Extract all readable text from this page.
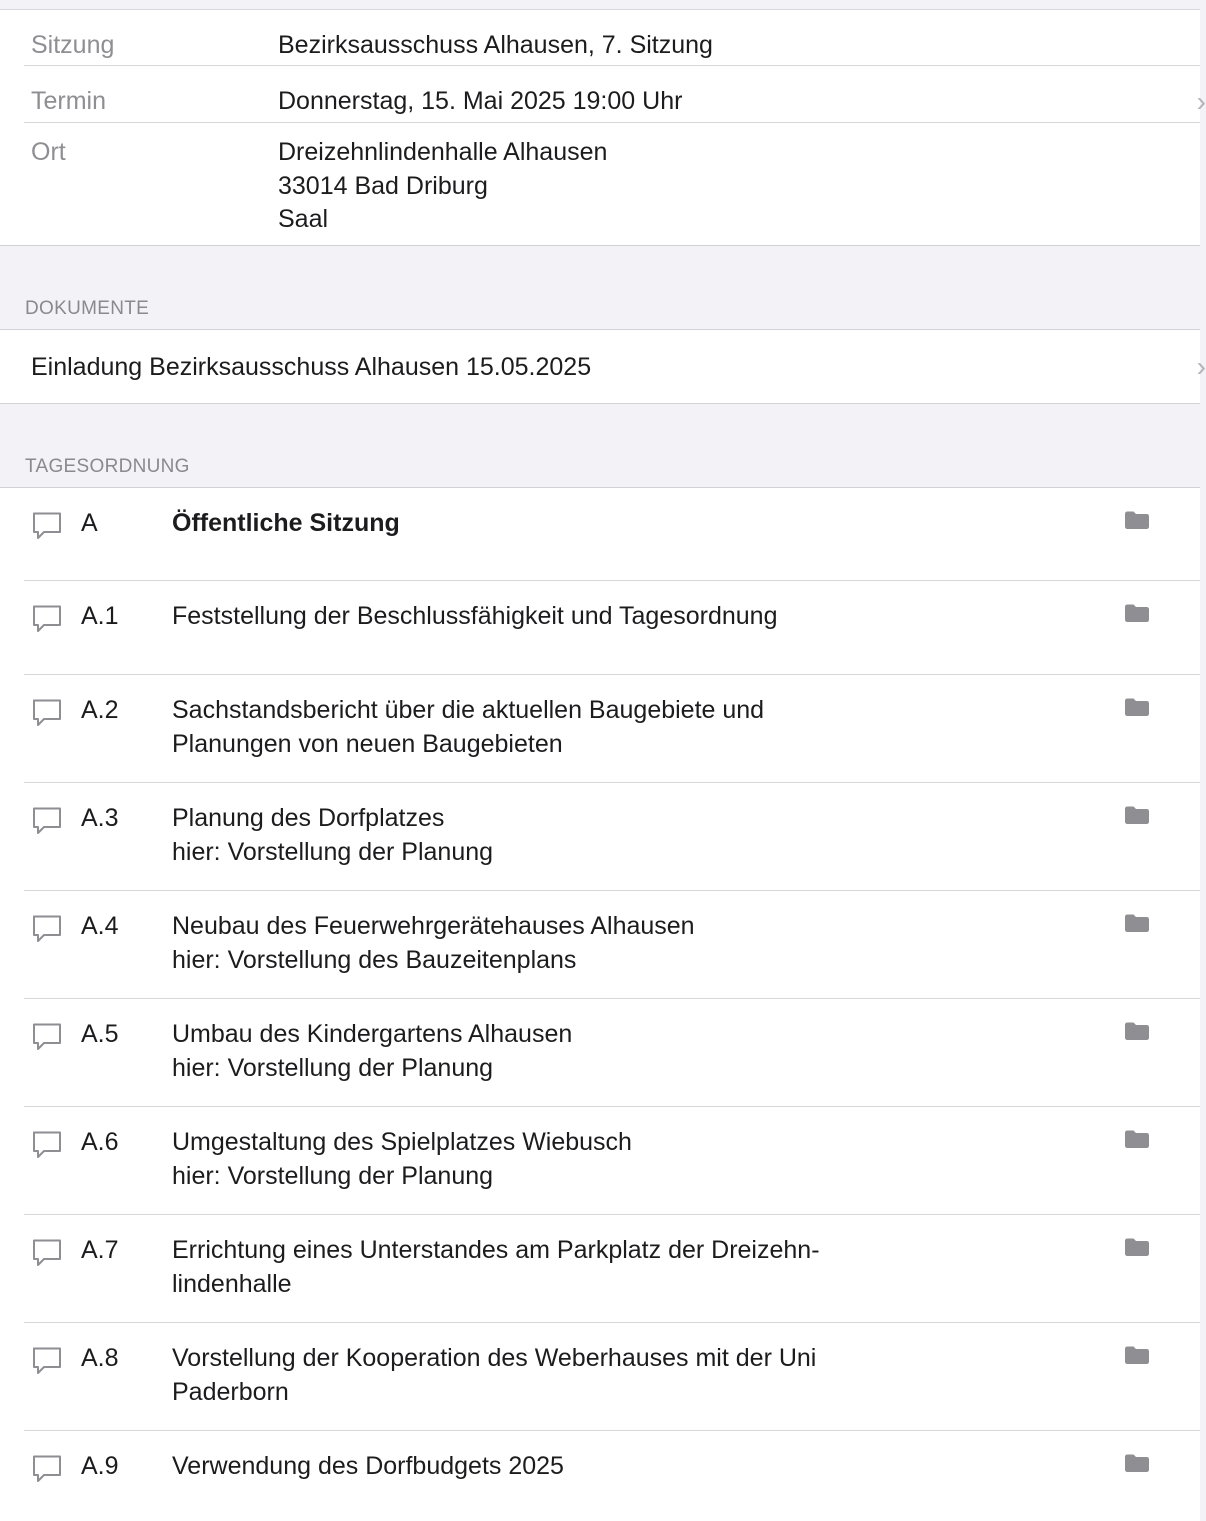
Sitzung	Bezirksausschuss Alhausen, 7. Sitzung
Termin	Donnerstag, 15. Mai 2025 19:00 Uhr	›
Ort	Dreizehnlindenhalle Alhausen
33014 Bad Driburg
Saal
DOKUMENTE
Einladung Bezirksausschuss Alhausen 15.05.2025	›
TAGESORDNUNG
A	Öffentliche Sitzung
A.1 Feststellung der Beschlussfähigkeit und Tagesordnung
A.2 Sachstandsbericht über die aktuellen Baugebiete und
Planungen von neuen Baugebieten
A.3 Planung des Dorfplatzes
hier: Vorstellung der Planung
A.4 Neubau des Feuerwehrgerätehauses Alhausen
hier: Vorstellung des Bauzeitenplans
A.5 Umbau des Kindergartens Alhausen
hier: Vorstellung der Planung
A.6 Umgestaltung des Spielplatzes Wiebusch
hier: Vorstellung der Planung
A.7 Errichtung eines Unterstandes am Parkplatz der Dreizehn-
lindenhalle
A.8 Vorstellung der Kooperation des Weberhauses mit der Uni
Paderborn
A.9 Verwendung des Dorfbudgets 2025
